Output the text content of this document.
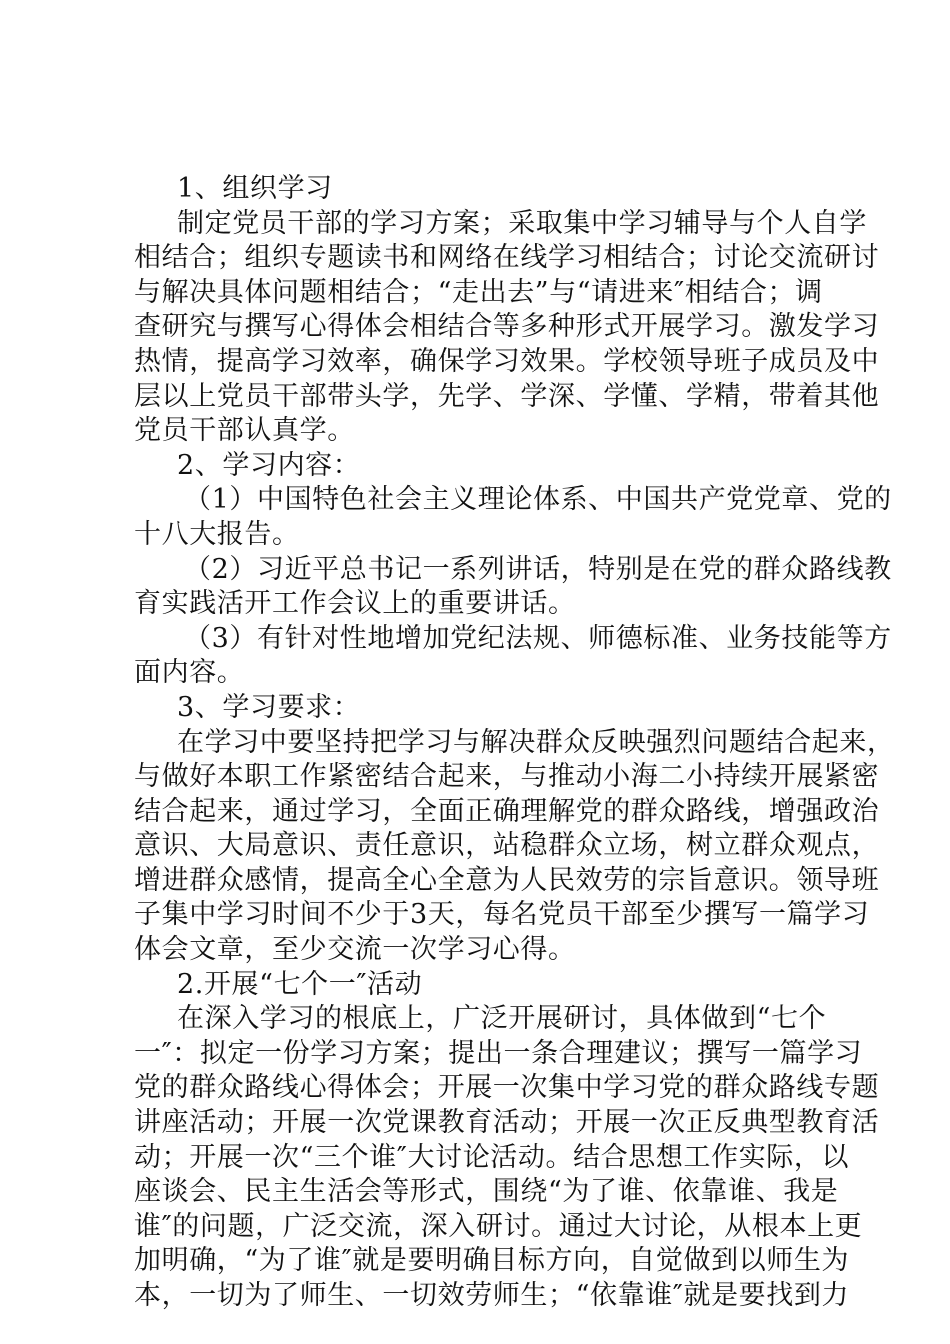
1、组织学习
制定党员干部的学习方案；采取集中学习辅导与个人自学
相结合；组织专题读书和网络在线学习相结合；讨论交流研讨
与解决具体问题相结合；“走出去”与“请进来″相结合；调
查研究与撰写心得体会相结合等多种形式开展学习。激发学习
热情，提高学习效率，确保学习效果。学校领导班子成员及中
层以上党员干部带头学，先学、学深、学懂、学精，带着其他
党员干部认真学。
2、学习内容：
（1）中国特色社会主义理论体系、中国共产党党章、党的
十八大报告。
（2）习近平总书记一系列讲话，特别是在党的群众路线教
育实践活开工作会议上的重要讲话。
（3）有针对性地增加党纪法规、师德标准、业务技能等方
面内容。
3、学习要求：
在学习中要坚持把学习与解决群众反映强烈问题结合起来，
与做好本职工作紧密结合起来，与推动小海二小持续开展紧密
结合起来，通过学习，全面正确理解党的群众路线，增强政治
意识、大局意识、责任意识，站稳群众立场，树立群众观点，
增进群众感情，提高全心全意为人民效劳的宗旨意识。领导班
子集中学习时间不少于3天，每名党员干部至少撰写一篇学习
体会文章，至少交流一次学习心得。
2.开展“七个一″活动
在深入学习的根底上，广泛开展研讨，具体做到“七个
一″：拟定一份学习方案；提出一条合理建议；撰写一篇学习
党的群众路线心得体会；开展一次集中学习党的群众路线专题
讲座活动；开展一次党课教育活动；开展一次正反典型教育活
动；开展一次“三个谁″大讨论活动。结合思想工作实际，以
座谈会、民主生活会等形式，围绕“为了谁、依靠谁、我是
谁″的问题，广泛交流，深入研讨。通过大讨论，从根本上更
加明确，“为了谁″就是要明确目标方向，自觉做到以师生为
本，一切为了师生、一切效劳师生；“依靠谁″就是要找到力
